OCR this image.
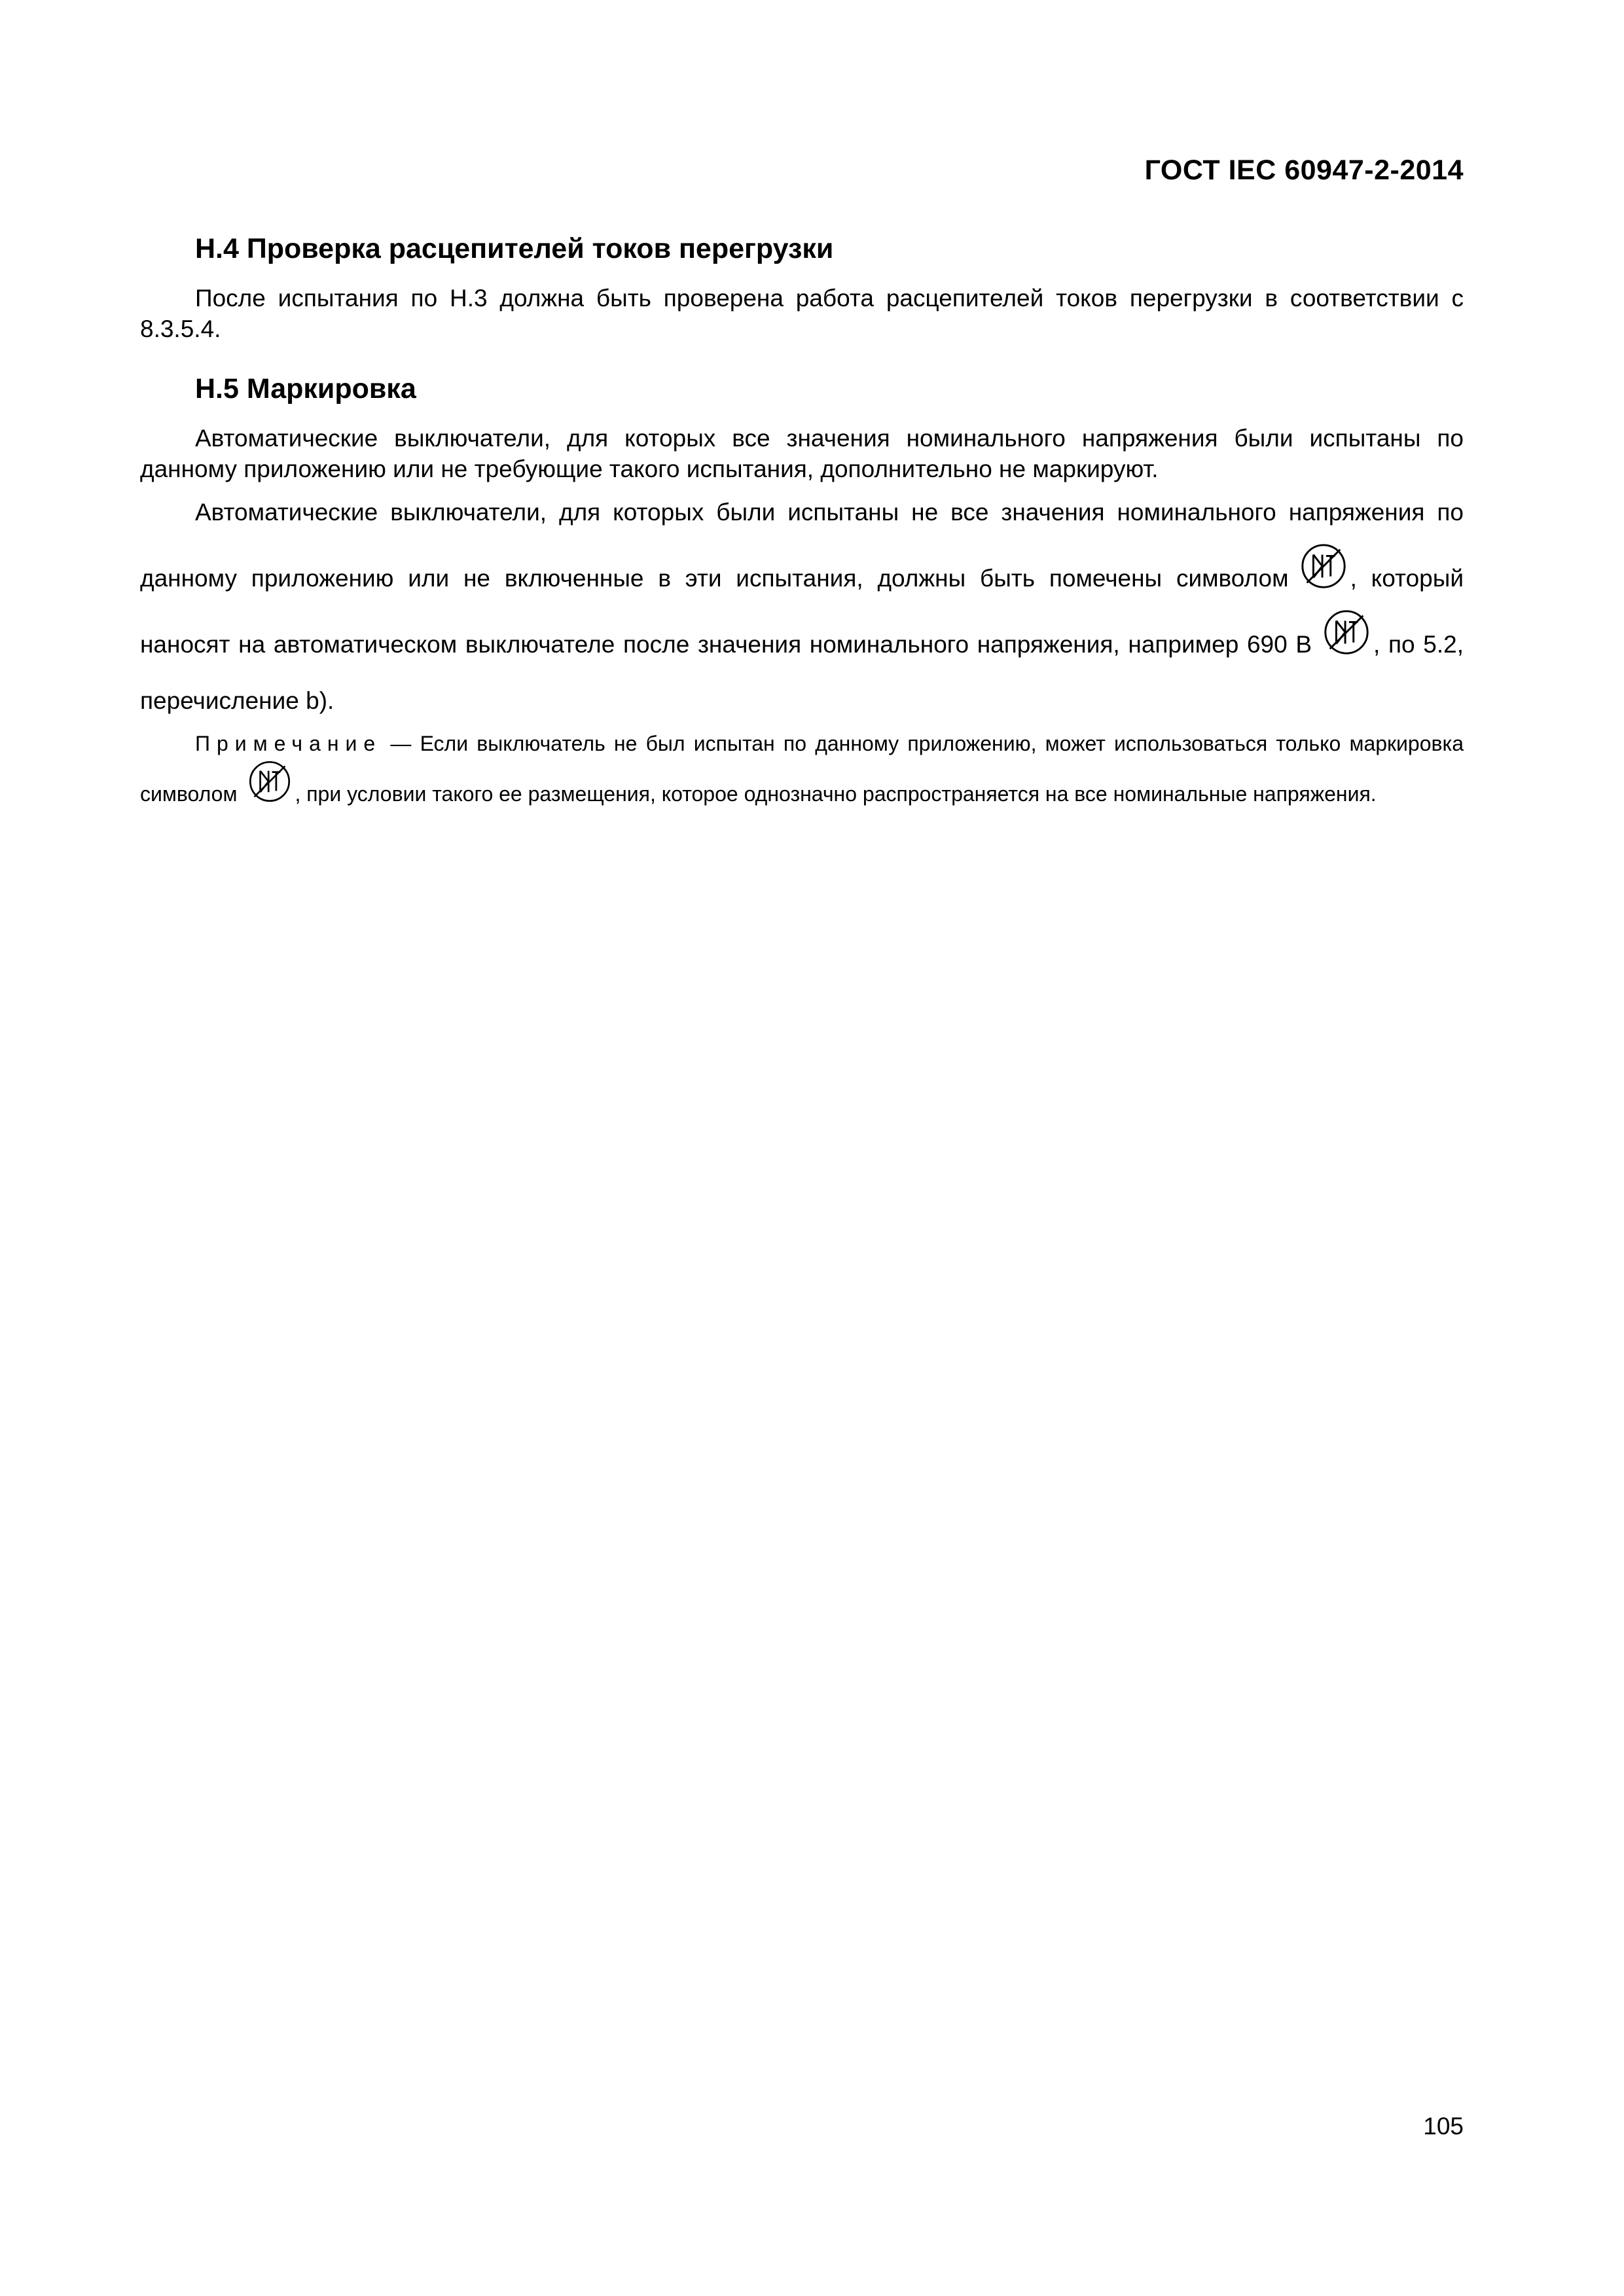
ГОСТ IEC 60947-2-2014
H.4 Проверка расцепителей токов перегрузки

После испытания по H.3 должна быть проверена работа расцепителей токов перегрузки в соответствии с 8.3.5.4.

H.5 Маркировка

Автоматические выключатели, для которых все значения номинального напряжения были испытаны по данному приложению или не требующие такого испытания, дополнительно не маркируют.

Автоматические выключатели, для которых были испытаны не все значения номинального напряжения по данному приложению или не включенные в эти испытания, должны быть помечены символом	, который наносят на автоматическом выключателе после значения номинального напряжения, например 690 В	, по 5.2, перечисление b).

Примечание — Если выключатель не был испытан по данному приложению, может использоваться только маркировка символом	, при условии такого ее размещения, которое однозначно распространяется на все номинальные напряжения.

105
